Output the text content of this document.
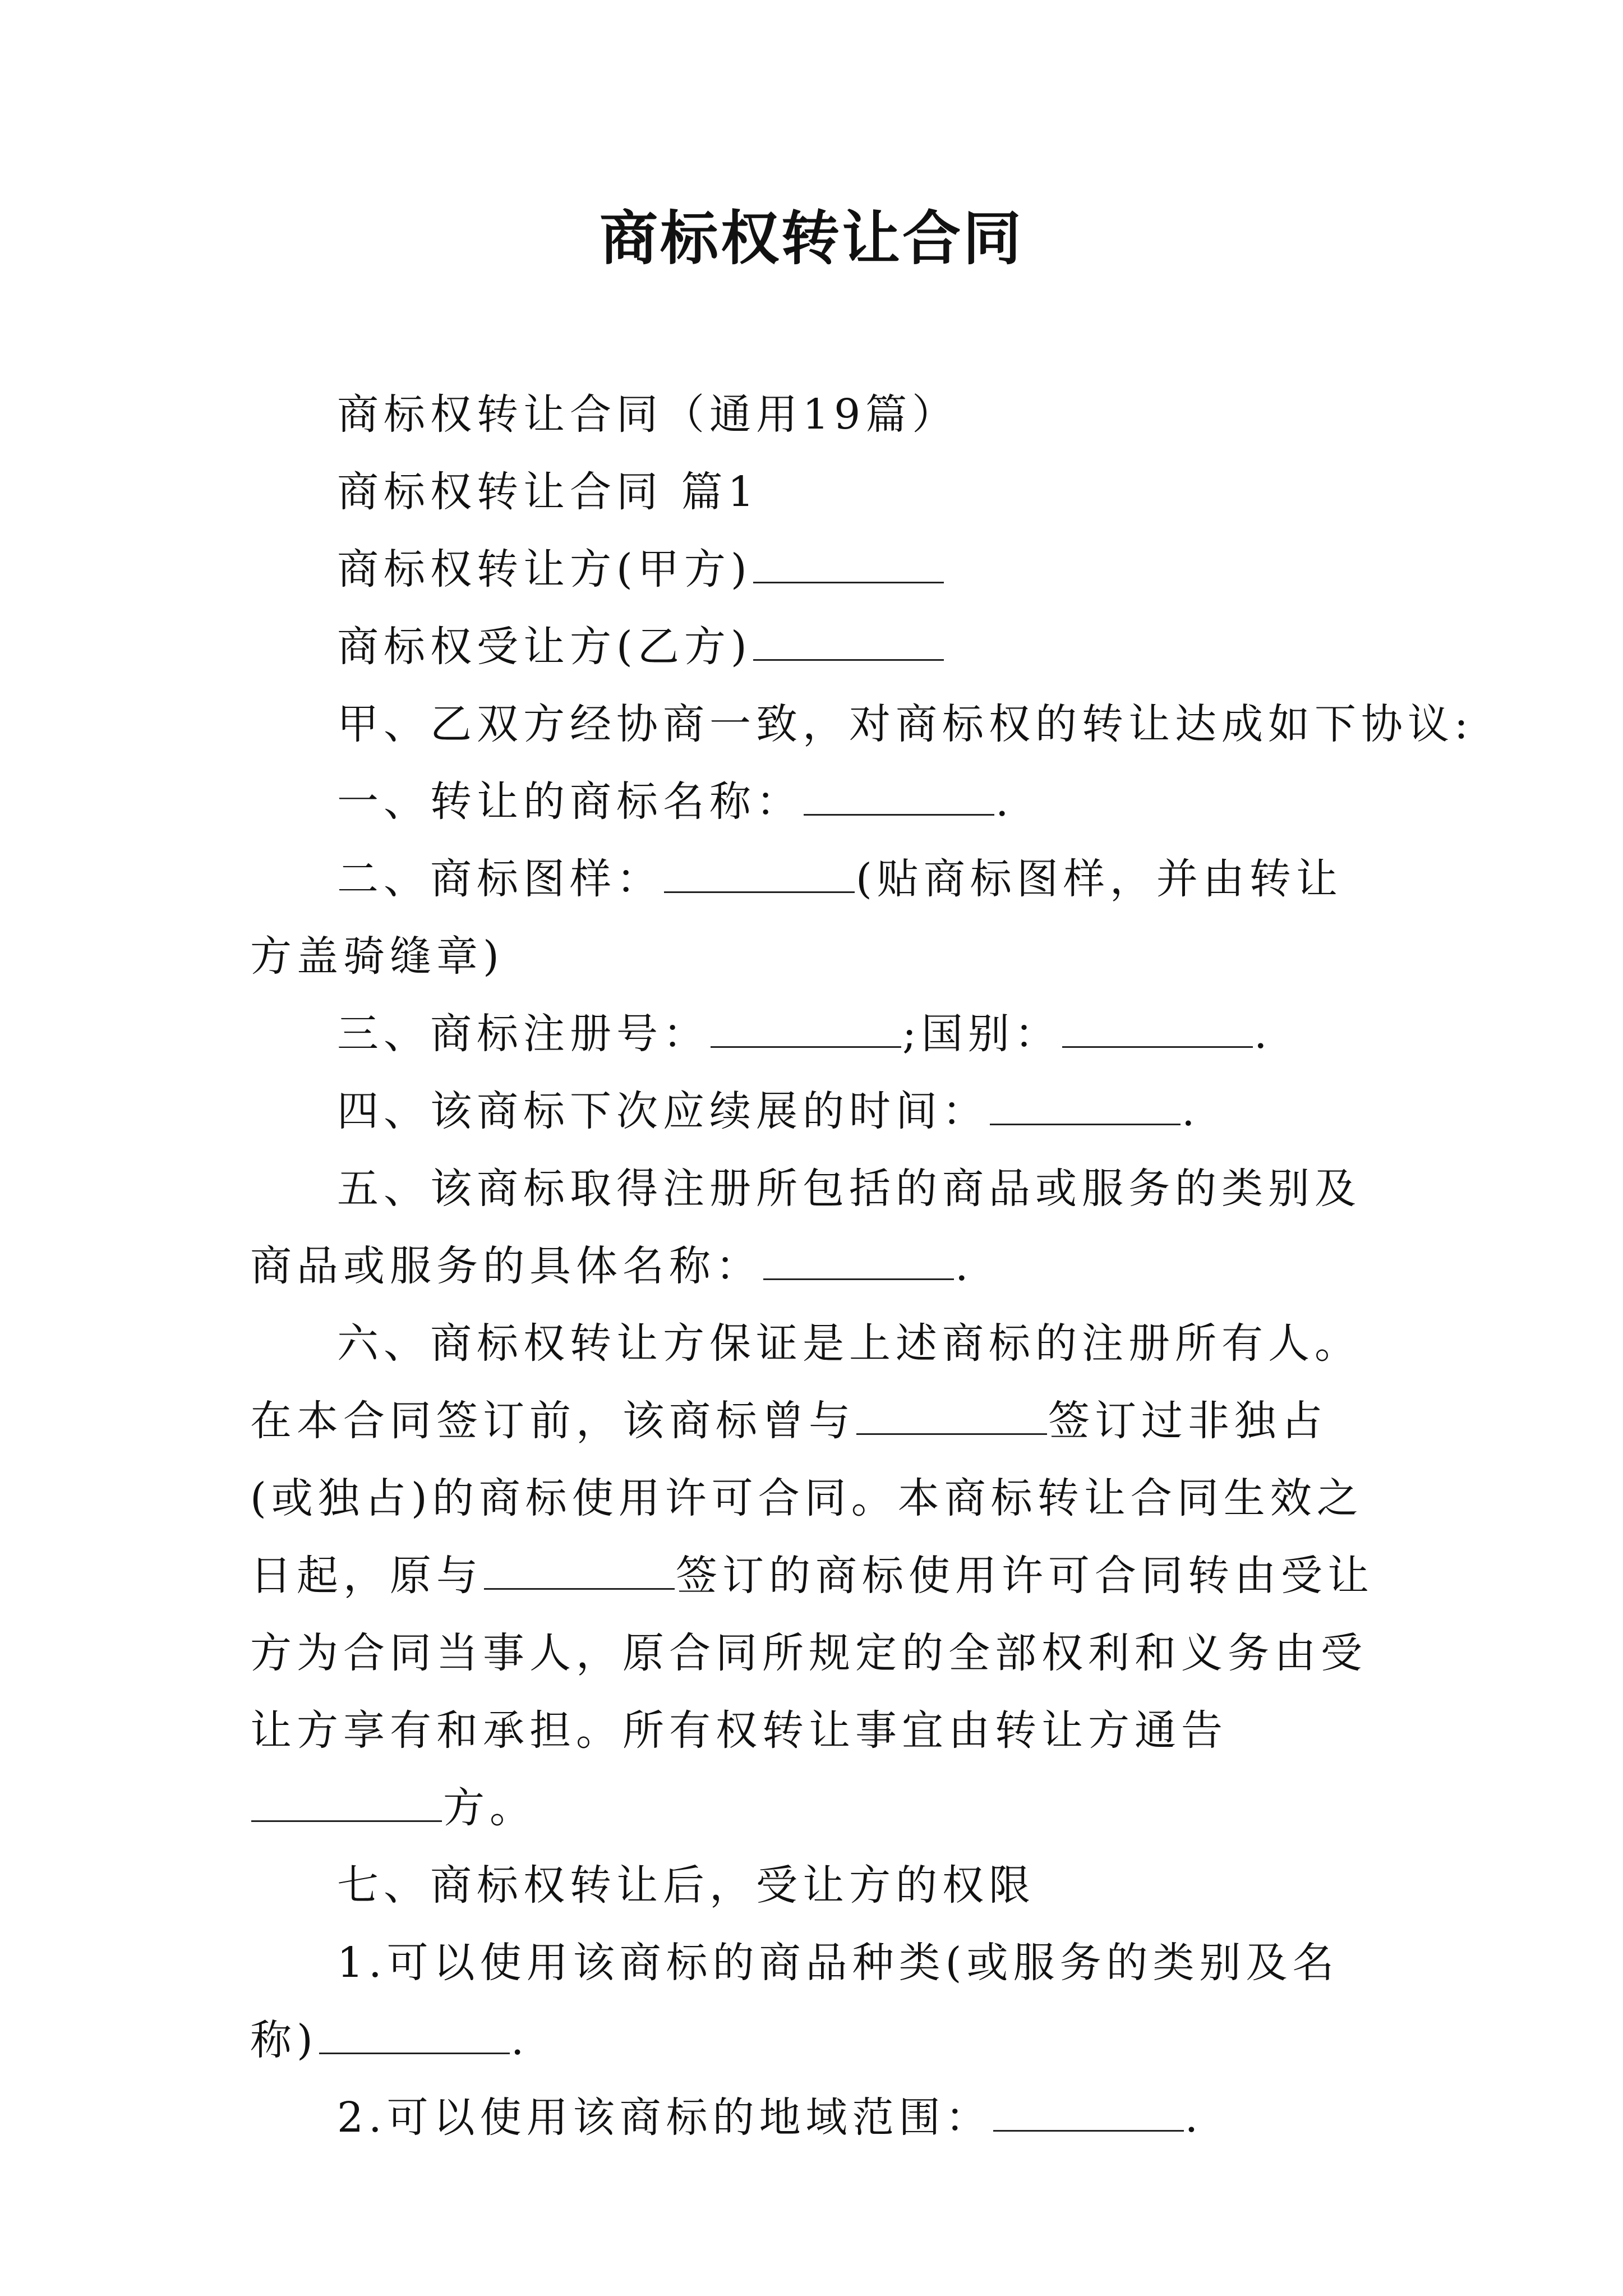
商标权转让合同

商标权转让合同（通用19篇）

商标权转让合同 篇1

商标权转让方(甲方)

商标权受让方(乙方)

甲、乙双方经协商一致，对商标权的转让达成如下协议:

一、转让的商标名称：	.

二、商标图样：	(贴商标图样，并由转让方盖骑缝章)

三、商标注册号：	;国别：	.

四、该商标下次应续展的时间：	.

五、该商标取得注册所包括的商品或服务的类别及商品或服务的具体名称：	.

六、商标权转让方保证是上述商标的注册所有人。在本合同签订前，该商标曾与	签订过非独占(或独占)的商标使用许可合同。本商标转让合同生效之日起，原与	签订的商标使用许可合同转由受让方为合同当事人，原合同所规定的全部权利和义务由受让方享有和承担。所有权转让事宜由转让方通告方。

七、商标权转让后，受让方的权限

1.可以使用该商标的商品种类(或服务的类别及名称)	.

2.可以使用该商标的地域范围：	.
